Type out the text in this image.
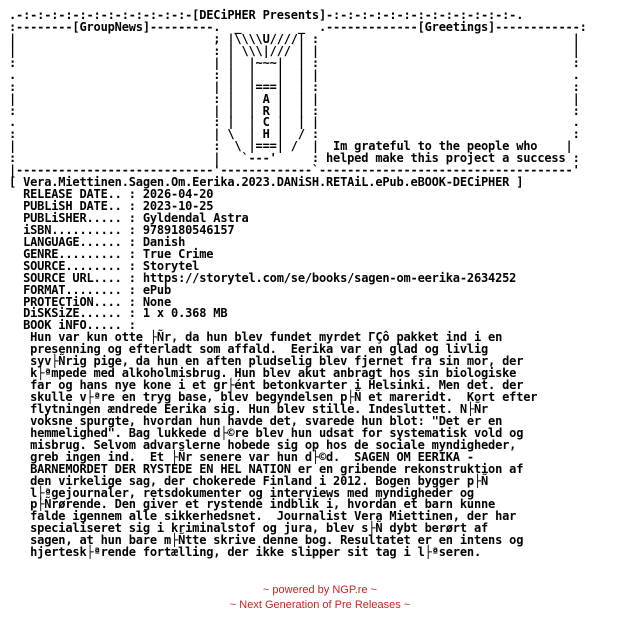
.-:-:-:-:-:-:-:-:-:-:-:-:-[DECiPHER Presents]-:-:-:-:-:-:-:-:-:-:-:-:-:-.
:--------[GroupNews]---------.  _        _  .-------------[Greetings]------------:
|                            ; |\\\\U////| :                                    |
|                            : | \\\|/// | |                                    |
:                            | |  |~~~|  | :                                    :
.                            : |  |   |  | |                                    .
:                            | |  |===|  | :                                    :
|                            : |  | A |  | |                                    |
:                            | |  | R |  | :                                    :
.                            : |  | C |  | |                                    .
:                            | \  | H |  / :                                    :
|                            :  \ |===| /  |  Im grateful to the people who    |
:                            |   `---'     : helped make this project a success :
|----------------------------'-------------`------------------------------------'
[ Vera.Miettinen.Sagen.Om.Eerika.2023.DANiSH.RETAiL.ePub.eBOOK-DECiPHER ]
RELEASE DATE.. : 2026-04-20
PUBLiSH DATE.. : 2023-10-25
PUBLiSHER..... : Gyldendal Astra
iSBN.......... : 9789180546157
LANGUAGE...... : Danish
GENRE......... : True Crime
SOURCE........ : Storytel
SOURCE URL.... : https://storytel.com/se/books/sagen-om-eerika-2634252
FORMAT........ : ePub
PROTECTiON.... : None
DiSKSiZE...... : 1 x 0.368 MB
BOOK iNFO..... :
Hun var kun otte ├Ñr, da hun blev fundet myrdet ΓÇô pakket ind i en
presenning og efterladt som affald.  Eerika var en glad og livlig
syv├Ñrig pige, da hun en aften pludselig blev fjernet fra sin mor, der
k├ªmpede med alkoholmisbrug. Hun blev akut anbragt hos sin biologiske
far og hans nye kone i et gr├ént betonkvarter i Helsinki. Men det. der
skulle v├ªre en tryg base, blev begyndelsen p├Ñ et mareridt.  Kort efter
flytningen ændrede Eerika sig. Hun blev stille. Indesluttet. N├Ñr
voksne spurgte, hvordan hun havde det, svarede hun blot: "Det er en
hemmelighed". Bag lukkede d├©re blev hun udsat for systematisk vold og
misbrug. Selvom advarslerne hobede sig op hos de sociale myndigheder,
greb ingen ind.  Et ├Ñr senere var hun d├©d.  SAGEN OM EERIKA -
BARNEMORDET DER RYSTEDE EN HEL NATION er en gribende rekonstruktion af
den virkelige sag, der chokerede Finland i 2012. Bogen bygger p├Ñ
l├ªgejournaler, retsdokumenter og interviews med myndigheder og
p├Ñrørende. Den giver et rystende indblik i, hvordan et barn kunne
falde igennem alle sikkerhedsnet.  Journalist Vera Miettinen, der har
specialiseret sig i kriminalstof og jura, blev s├Ñ dybt berørt af
sagen, at hun bare m├Ñtte skrive denne bog. Resultatet er en intens og
hjertesk├ªrende fortælling, der ikke slipper sit tag i l├ªseren.
~ powered by NGP.re ~
~ Next Generation of Pre Releases ~
